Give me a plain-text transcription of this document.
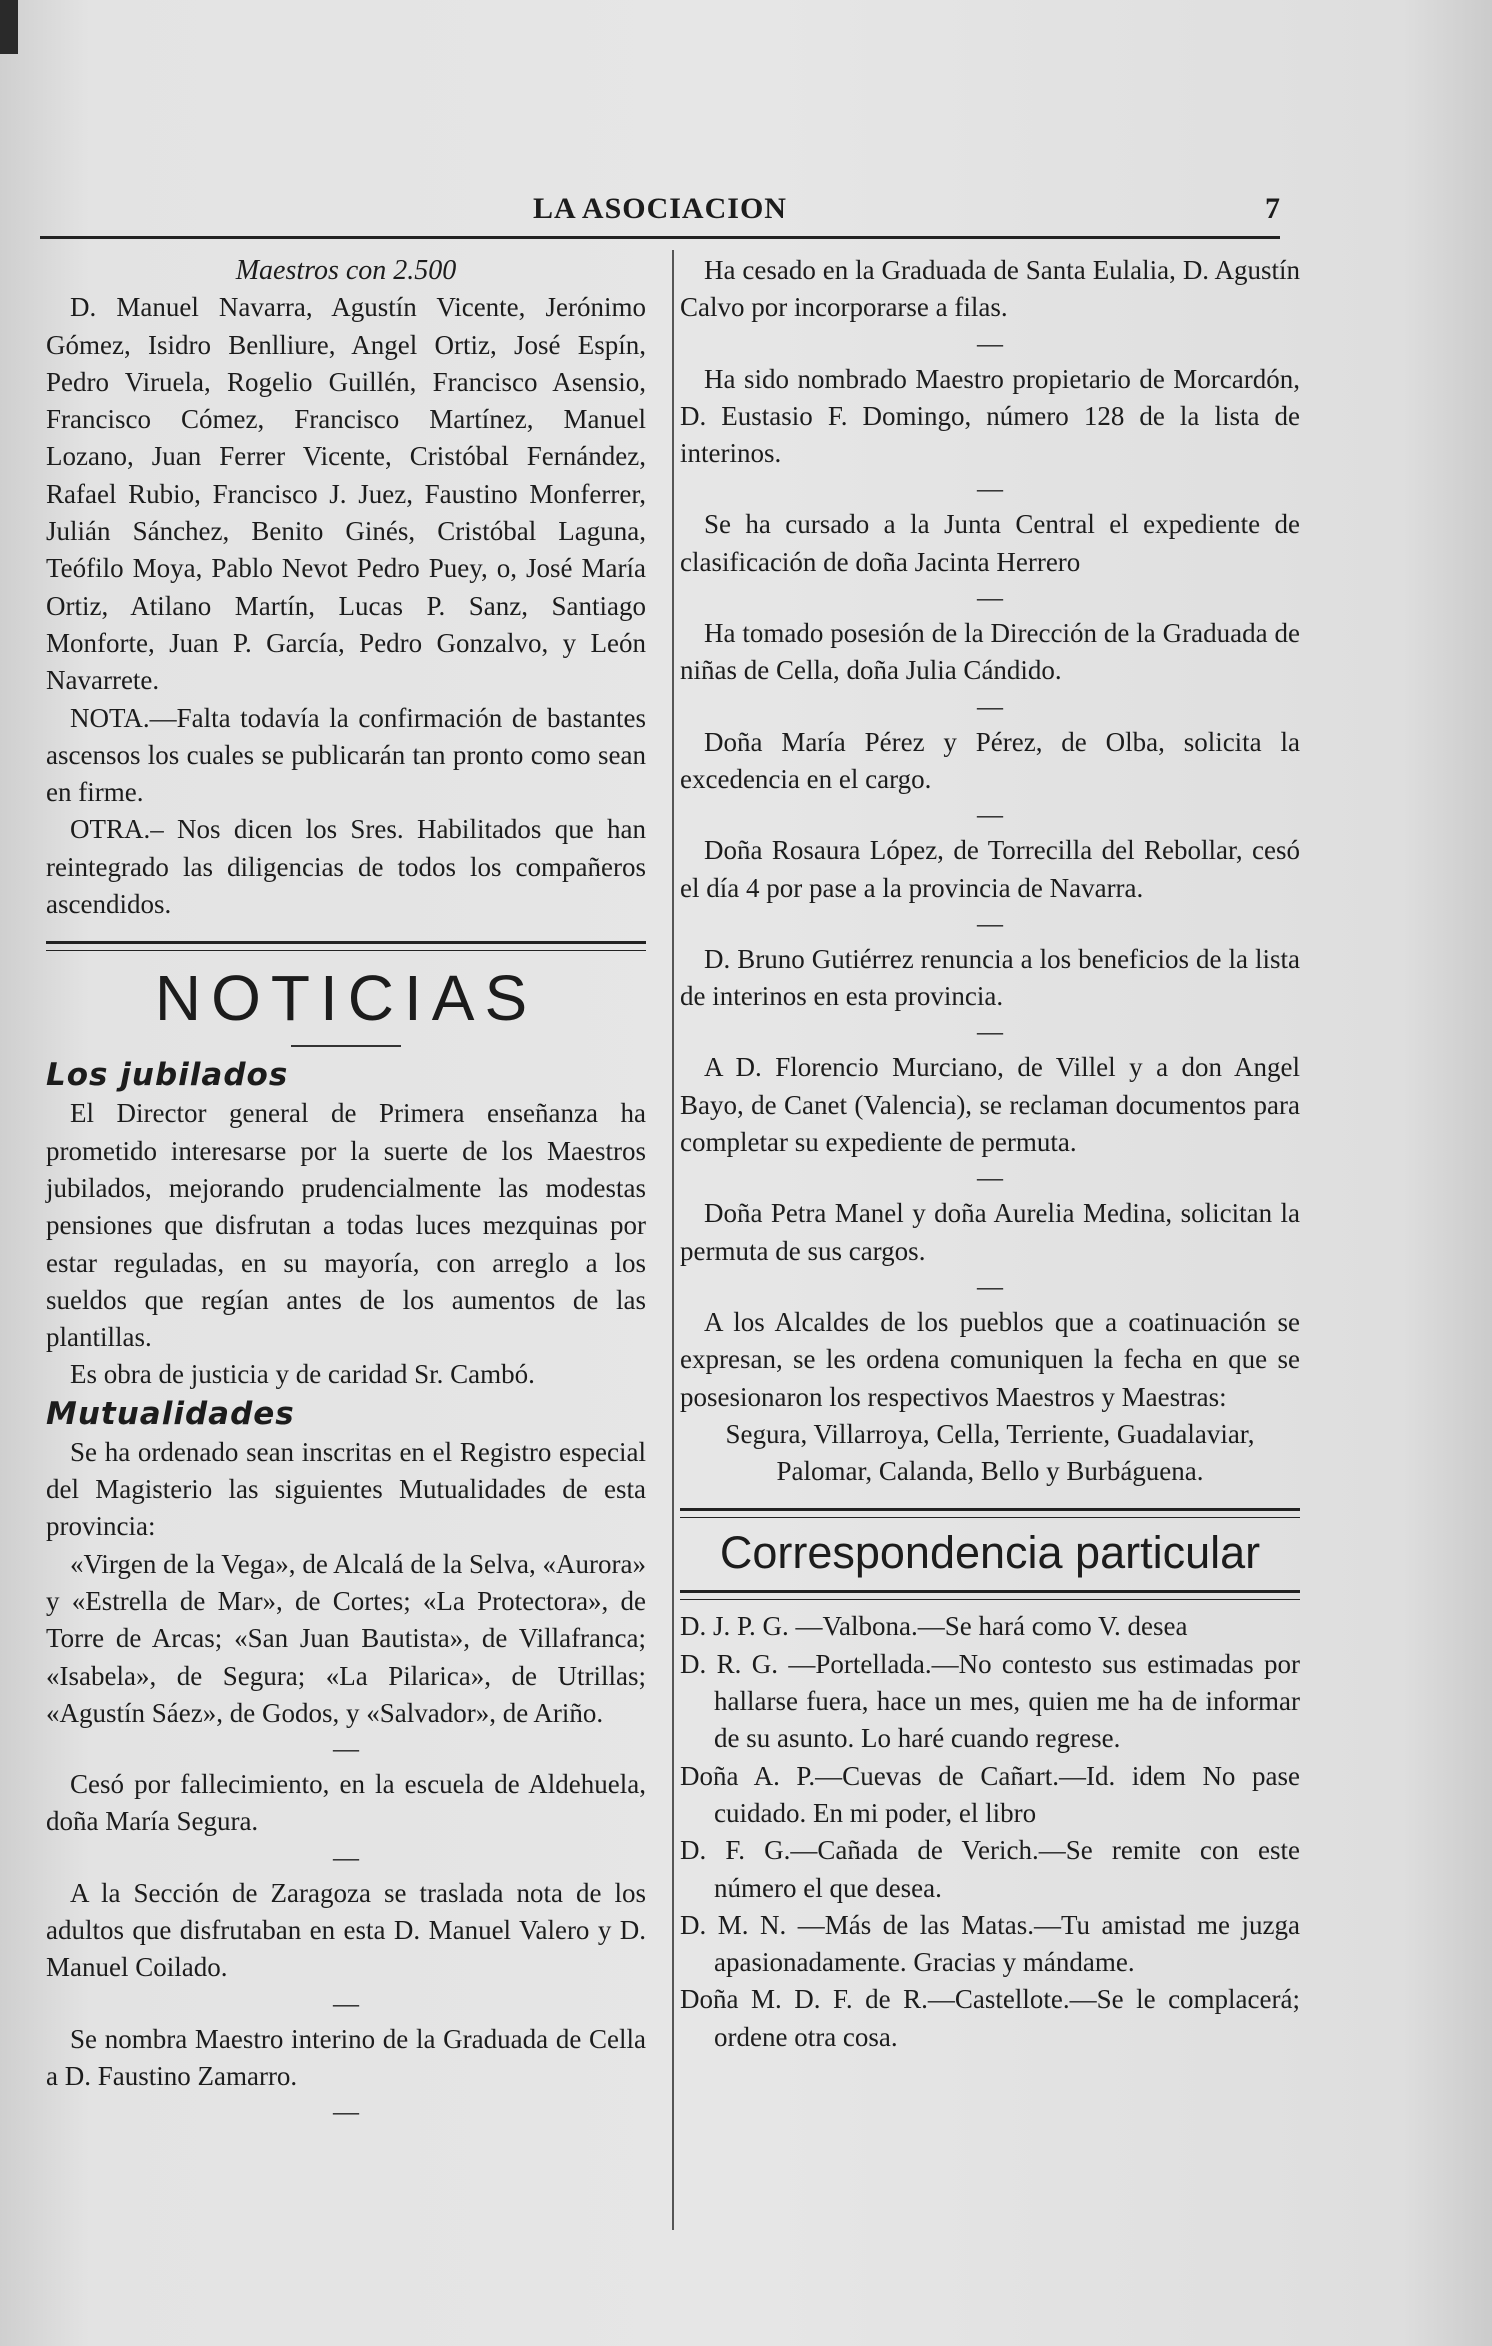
LA ASOCIACION	7

Maestros con 2.500

D. Manuel Navarra, Agustín Vicente, Jerónimo Gómez, Isidro Benlliure, Angel Ortiz, José Espín, Pedro Viruela, Rogelio Guillén, Francisco Asensio, Francisco Cómez, Francisco Martínez, Manuel Lozano, Juan Ferrer Vicente, Cristóbal Fernández, Rafael Rubio, Francisco J. Juez, Faustino Monferrer, Julián Sánchez, Benito Ginés, Cristóbal Laguna, Teófilo Moya, Pablo Nevot Pedro Puey, o, José María Ortiz, Atilano Martín, Lucas P. Sanz, Santiago Monforte, Juan P. García, Pedro Gonzalvo, y León Navarrete.

NOTA.—Falta todavía la confirmación de bastantes ascensos los cuales se publicarán tan pronto como sean en firme.

OTRA.– Nos dicen los Sres. Habilitados que han reintegrado las diligencias de todos los compañeros ascendidos.

NOTICIAS

Los jubilados

El Director general de Primera enseñanza ha prometido interesarse por la suerte de los Maestros jubilados, mejorando prudencialmente las modestas pensiones que disfrutan a todas luces mezquinas por estar reguladas, en su mayoría, con arreglo a los sueldos que regían antes de los aumentos de las plantillas.

Es obra de justicia y de caridad Sr. Cambó.

Mutualidades

Se ha ordenado sean inscritas en el Registro especial del Magisterio las siguientes Mutualidades de esta provincia:

«Virgen de la Vega», de Alcalá de la Selva, «Aurora» y «Estrella de Mar», de Cortes; «La Protectora», de Torre de Arcas; «San Juan Bautista», de Villafranca; «Isabela», de Segura; «La Pilarica», de Utrillas; «Agustín Sáez», de Godos, y «Salvador», de Ariño.

—

Cesó por fallecimiento, en la escuela de Aldehuela, doña María Segura.

—

A la Sección de Zaragoza se traslada nota de los adultos que disfrutaban en esta D. Manuel Valero y D. Manuel Coilado.

—

Se nombra Maestro interino de la Graduada de Cella a D. Faustino Zamarro.

—

Ha cesado en la Graduada de Santa Eulalia, D. Agustín Calvo por incorporarse a filas.

—

Ha sido nombrado Maestro propietario de Morcardón, D. Eustasio F. Domingo, número 128 de la lista de interinos.

—

Se ha cursado a la Junta Central el expediente de clasificación de doña Jacinta Herrero

—

Ha tomado posesión de la Dirección de la Graduada de niñas de Cella, doña Julia Cándido.

—

Doña María Pérez y Pérez, de Olba, solicita la excedencia en el cargo.

—

Doña Rosaura López, de Torrecilla del Rebollar, cesó el día 4 por pase a la provincia de Navarra.

—

D. Bruno Gutiérrez renuncia a los beneficios de la lista de interinos en esta provincia.

—

A D. Florencio Murciano, de Villel y a don Angel Bayo, de Canet (Valencia), se reclaman documentos para completar su expediente de permuta.

—

Doña Petra Manel y doña Aurelia Medina, solicitan la permuta de sus cargos.

—

A los Alcaldes de los pueblos que a coatinuación se expresan, se les ordena comuniquen la fecha en que se posesionaron los respectivos Maestros y Maestras:

Segura, Villarroya, Cella, Terriente, Guadalaviar, Palomar, Calanda, Bello y Burbáguena.

Correspondencia particular

D. J. P. G. —Valbona.—Se hará como V. desea

D. R. G. —Portellada.—No contesto sus estimadas por hallarse fuera, hace un mes, quien me ha de informar de su asunto. Lo haré cuando regrese.

Doña A. P.—Cuevas de Cañart.—Id. idem No pase cuidado. En mi poder, el libro

D. F. G.—Cañada de Verich.—Se remite con este número el que desea.

D. M. N. —Más de las Matas.—Tu amistad me juzga apasionadamente. Gracias y mándame.

Doña M. D. F. de R.—Castellote.—Se le complacerá; ordene otra cosa.
